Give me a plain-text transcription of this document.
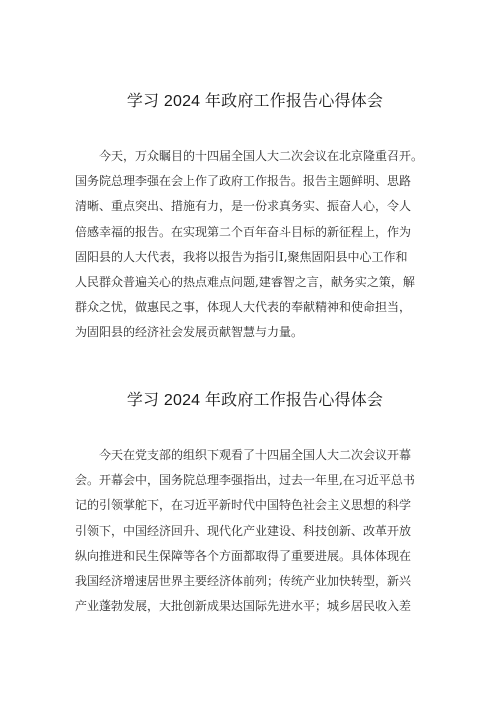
学习 2024 年政府工作报告心得体会
　　今天，万众瞩目的十四届全国人大二次会议在北京隆重召开。
国务院总理李强在会上作了政府工作报告。报告主题鲜明、思路
清晰、重点突出、措施有力，是一份求真务实、振奋人心，令人
倍感幸福的报告。在实现第二个百年奋斗目标的新征程上，作为
固阳县的人大代表，我将以报告为指引Ⅰ,聚焦固阳县中心工作和
人民群众普遍关心的热点难点问题,建睿智之言，献务实之策，解
群众之忧，做惠民之事，体现人大代表的奉献精神和使命担当，
为固阳县的经济社会发展贡献智慧与力量。
学习 2024 年政府工作报告心得体会
　　今天在党支部的组织下观看了十四届全国人大二次会议开幕
会。开幕会中，国务院总理李强指出，过去一年里,在习近平总书
记的引领掌舵下，在习近平新时代中国特色社会主义思想的科学
引领下，中国经济回升、现代化产业建设、科技创新、改革开放
纵向推进和民生保障等各个方面都取得了重要进展。具体体现在
我国经济增速居世界主要经济体前列；传统产业加快转型，新兴
产业蓬勃发展，大批创新成果达国际先进水平；城乡居民收入差
